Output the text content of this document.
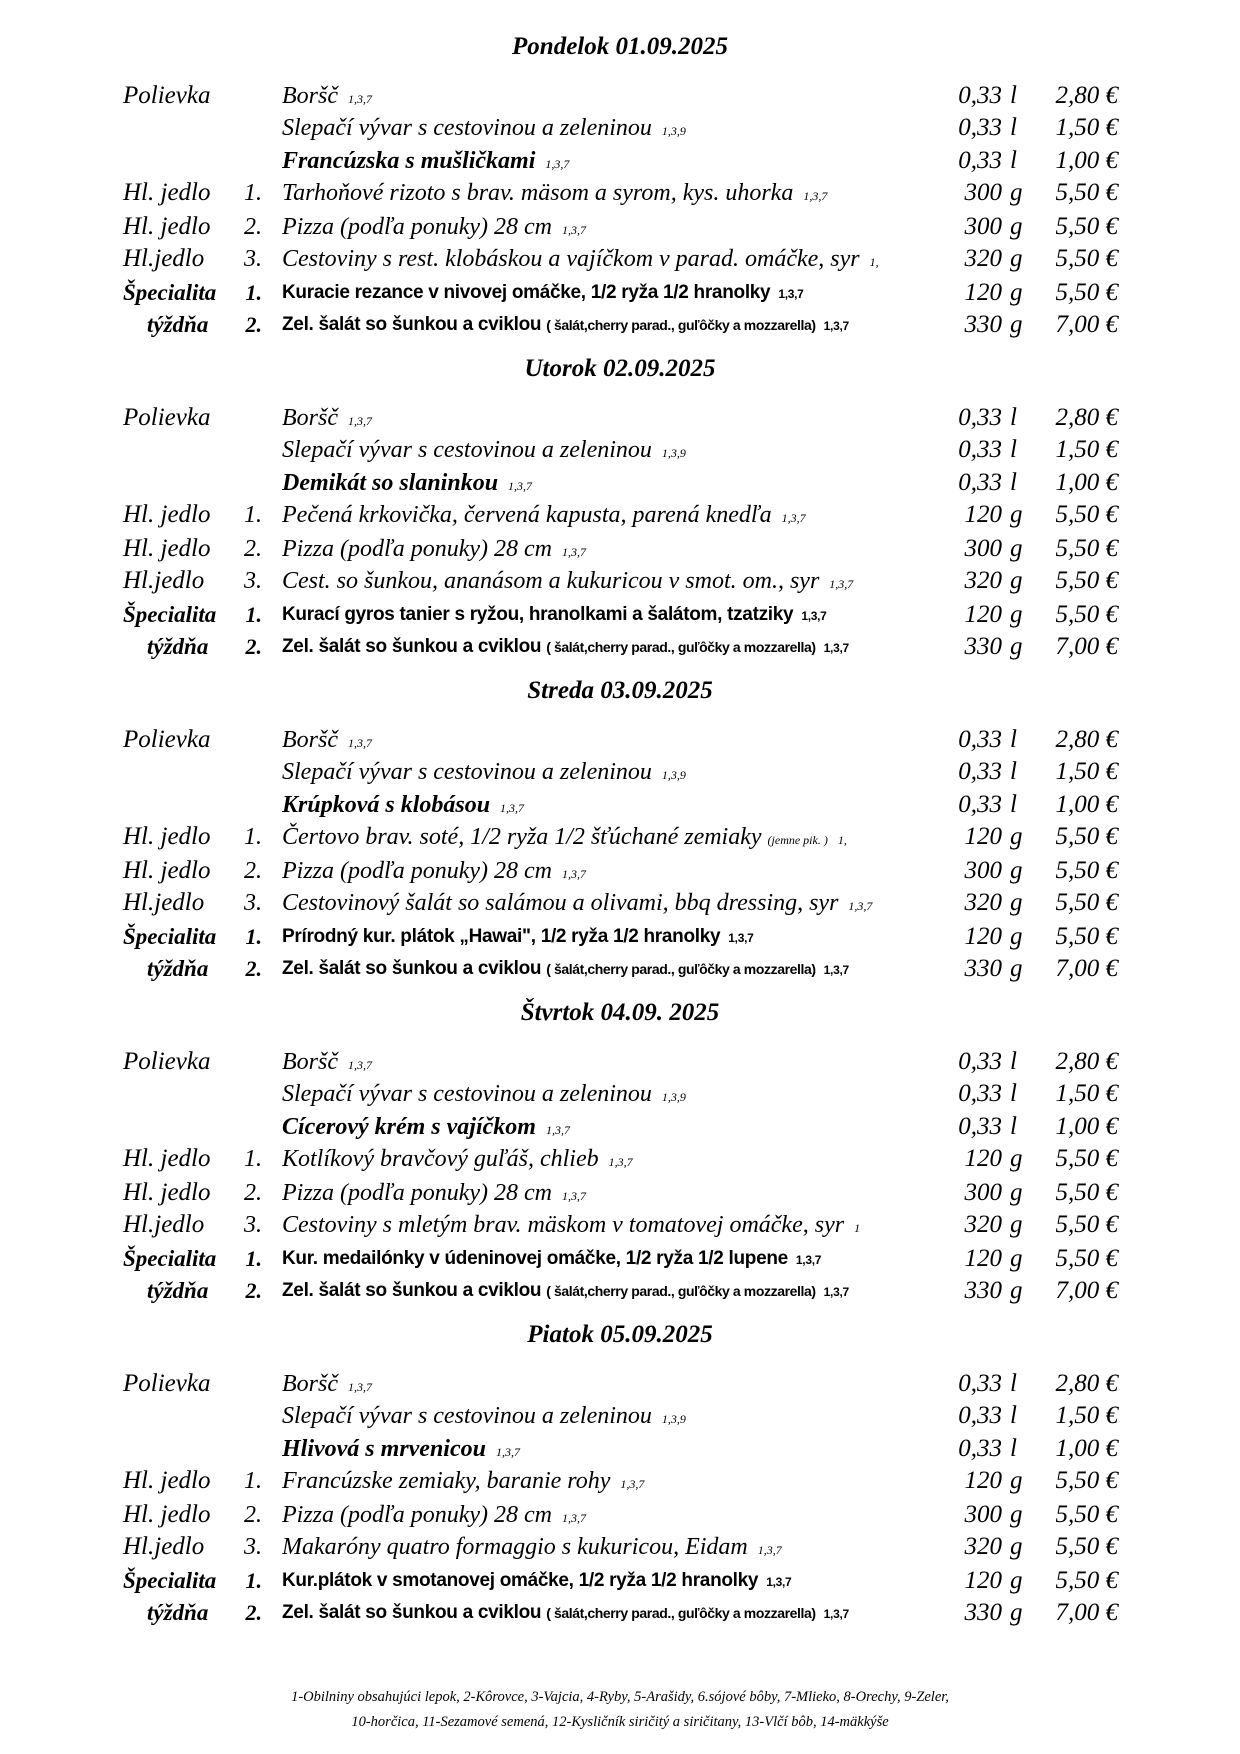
Pondelok 01.09.2025
Polievka	Boršč 1,3,7	0,33 l	2,80 €
Slepačí vývar s cestovinou a zeleninou 1,3,9	0,33 l	1,50 €
Francúzska s mušličkami 1,3,7	0,33 l	1,00 €
Hl. jedlo	1. Tarhoňové rizoto s brav. mäsom a syrom, kys. uhorka 1,3,7	300 g	5,50 €
Hl. jedlo	2. Pizza (podľa ponuky) 28 cm 1,3,7	300 g	5,50 €
Hl.jedlo	3. Cestoviny s rest. klobáskou a vajíčkom v parad. omáčke, syr 1,	320 g	5,50 €
Špecialita	1. Kuracie rezance v nivovej omáčke, 1/2 ryža 1/2 hranolky 1,3,7	120 g	5,50 €
týždňa	2. Zel. šalát so šunkou a cviklou ( šalát,cherry parad., guľôčky a mozzarella) 1,3,7	330 g	7,00 €
Utorok 02.09.2025
Polievka	Boršč 1,3,7	0,33 l	2,80 €
Slepačí vývar s cestovinou a zeleninou 1,3,9	0,33 l	1,50 €
Demikát so slaninkou 1,3,7	0,33 l	1,00 €
Hl. jedlo	1. Pečená krkovička, červená kapusta, parená knedľa 1,3,7	120 g	5,50 €
Hl. jedlo	2. Pizza (podľa ponuky) 28 cm 1,3,7	300 g	5,50 €
Hl.jedlo	3. Cest. so šunkou, ananásom a kukuricou v smot. om., syr 1,3,7	320 g	5,50 €
Špecialita	1. Kurací gyros tanier s ryžou, hranolkami a šalátom, tzatziky 1,3,7	120 g	5,50 €
týždňa	2. Zel. šalát so šunkou a cviklou ( šalát,cherry parad., guľôčky a mozzarella) 1,3,7	330 g	7,00 €
Streda 03.09.2025
Polievka	Boršč 1,3,7	0,33 l	2,80 €
Slepačí vývar s cestovinou a zeleninou 1,3,9	0,33 l	1,50 €
Krúpková s klobásou 1,3,7	0,33 l	1,00 €
Hl. jedlo	1. Čertovo brav. soté, 1/2 ryža 1/2 šťúchané zemiaky (jemne pik. ) 1,	120 g	5,50 €
Hl. jedlo	2. Pizza (podľa ponuky) 28 cm 1,3,7	300 g	5,50 €
Hl.jedlo	3. Cestovinový šalát so salámou a olivami, bbq dressing, syr 1,3,7	320 g	5,50 €
Špecialita	1. Prírodný kur. plátok „Hawai", 1/2 ryža 1/2 hranolky 1,3,7	120 g	5,50 €
týždňa	2. Zel. šalát so šunkou a cviklou ( šalát,cherry parad., guľôčky a mozzarella) 1,3,7	330 g	7,00 €
Štvrtok 04.09. 2025
Polievka	Boršč 1,3,7	0,33 l	2,80 €
Slepačí vývar s cestovinou a zeleninou 1,3,9	0,33 l	1,50 €
Cícerový krém s vajíčkom 1,3,7	0,33 l	1,00 €
Hl. jedlo	1. Kotlíkový bravčový guľáš, chlieb 1,3,7	120 g	5,50 €
Hl. jedlo	2. Pizza (podľa ponuky) 28 cm 1,3,7	300 g	5,50 €
Hl.jedlo	3. Cestoviny s mletým brav. mäskom v tomatovej omáčke, syr 1	320 g	5,50 €
Špecialita	1. Kur. medailónky v údeninovej omáčke, 1/2 ryža 1/2 lupene 1,3,7	120 g	5,50 €
týždňa	2. Zel. šalát so šunkou a cviklou ( šalát,cherry parad., guľôčky a mozzarella) 1,3,7	330 g	7,00 €
Piatok 05.09.2025
Polievka	Boršč 1,3,7	0,33 l	2,80 €
Slepačí vývar s cestovinou a zeleninou 1,3,9	0,33 l	1,50 €
Hlivová s mrvenicou 1,3,7	0,33 l	1,00 €
Hl. jedlo	1. Francúzske zemiaky, baranie rohy 1,3,7	120 g	5,50 €
Hl. jedlo	2. Pizza (podľa ponuky) 28 cm 1,3,7	300 g	5,50 €
Hl.jedlo	3. Makaróny quatro formaggio s kukuricou, Eidam 1,3,7	320 g	5,50 €
Špecialita	1. Kur.plátok v smotanovej omáčke, 1/2 ryža 1/2 hranolky 1,3,7	120 g	5,50 €
týždňa	2. Zel. šalát so šunkou a cviklou ( šalát,cherry parad., guľôčky a mozzarella) 1,3,7	330 g	7,00 €
1-Obilniny obsahujúci lepok, 2-Kôrovce, 3-Vajcia, 4-Ryby, 5-Arašidy, 6.sójové bôby, 7-Mlieko, 8-Orechy, 9-Zeler,
10-horčica, 11-Sezamové semená, 12-Kysličník siričitý a siričitany, 13-Vlčí bôb, 14-mäkkýše
